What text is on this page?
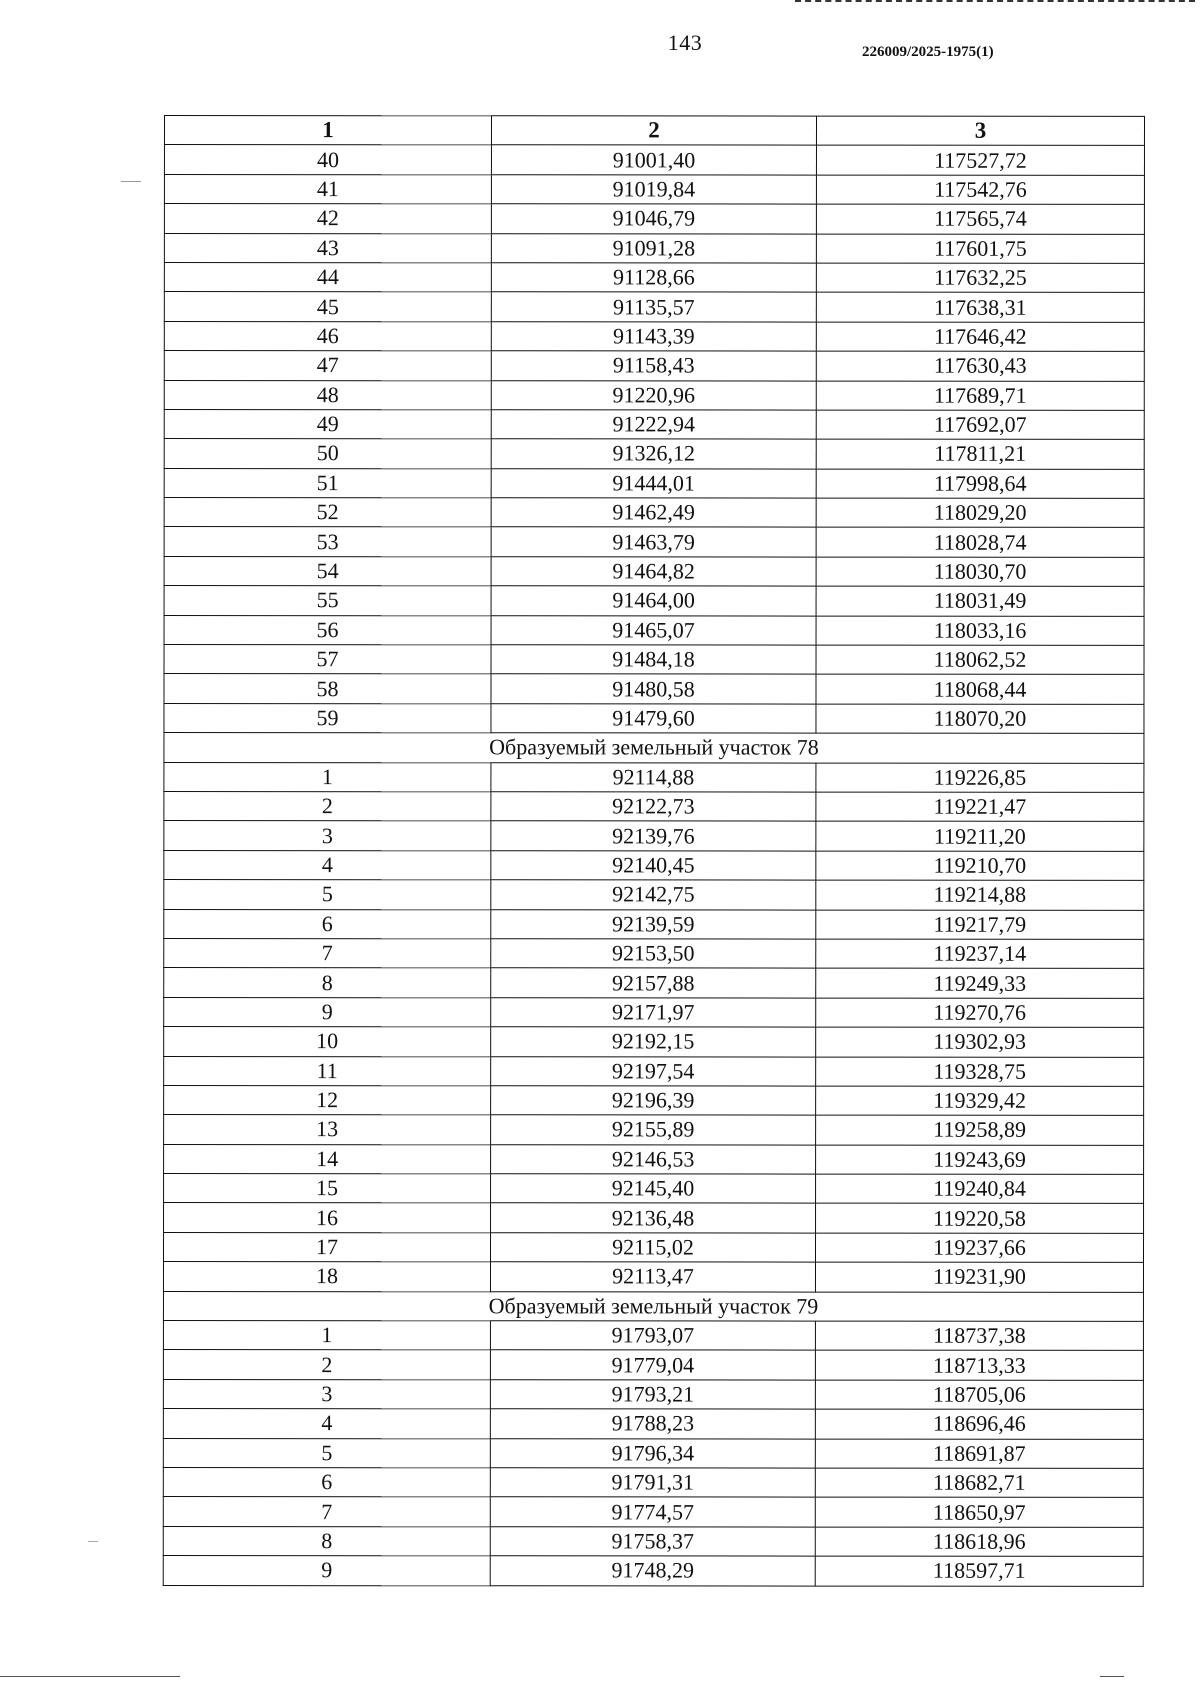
143	226009/2025-1975(1)
1	2	3
40	91001,40	117527,72
41	91019,84	117542,76
42	91046,79	117565,74
43	91091,28	117601,75
44	91128,66	117632,25
45	91135,57	117638,31
46	91143,39	117646,42
47	91158,43	117630,43
48	91220,96	117689,71
49	91222,94	117692,07
50	91326,12	117811,21
51	91444,01	117998,64
52	91462,49	118029,20
53	91463,79	118028,74
54	91464,82	118030,70
55	91464,00	118031,49
56	91465,07	118033,16
57	91484,18	118062,52
58	91480,58	118068,44
59	91479,60	118070,20
Образуемый земельный участок 78		
1	92114,88	119226,85
2	92122,73	119221,47
3	92139,76	119211,20
4	92140,45	119210,70
5	92142,75	119214,88
6	92139,59	119217,79
7	92153,50	119237,14
8	92157,88	119249,33
9	92171,97	119270,76
10	92192,15	119302,93
11	92197,54	119328,75
12	92196,39	119329,42
13	92155,89	119258,89
14	92146,53	119243,69
15	92145,40	119240,84
16	92136,48	119220,58
17	92115,02	119237,66
18	92113,47	119231,90
Образуемый земельный участок 79		
1	91793,07	118737,38
2	91779,04	118713,33
3	91793,21	118705,06
4	91788,23	118696,46
5	91796,34	118691,87
6	91791,31	118682,71
7	91774,57	118650,97
8	91758,37	118618,96
9	91748,29	118597,71
